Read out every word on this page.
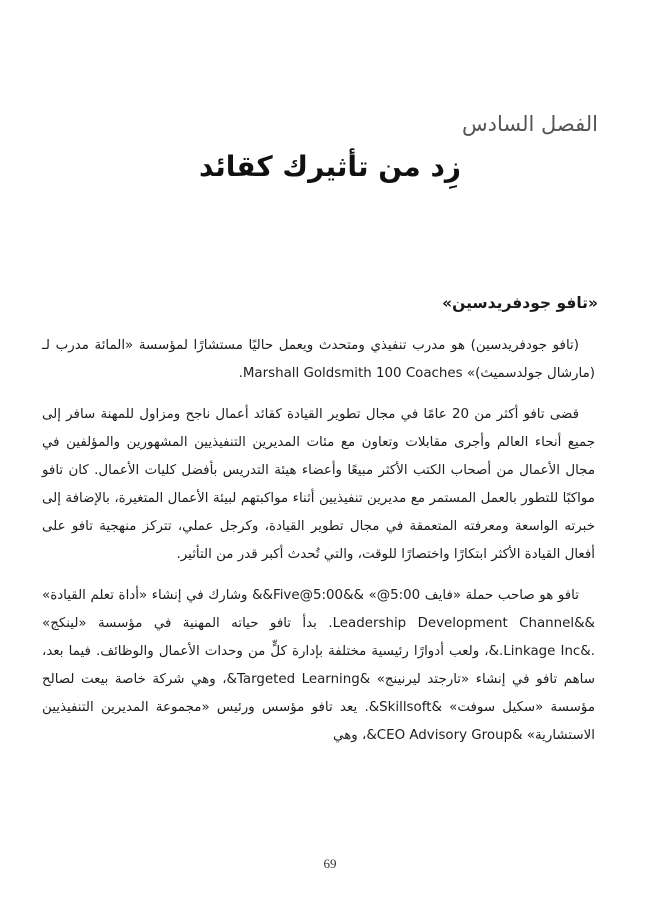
الفصل السادس
زِد من تأثيرك كقائد
«تافو جودفريدسين»

(تافو جودفريدسين) هو مدرب تنفيذي ومتحدث ويعمل حاليًا مستشارًا لمؤسسة «المائة مدرب لـ (مارشال جولدسميث)» Marshall Goldsmith 100 Coaches.

قضى تافو أكثر من 20 عامًا في مجال تطوير القيادة كقائد أعمال ناجح ومزاول للمهنة سافر إلى جميع أنحاء العالم وأجرى مقابلات وتعاون مع مئات المديرين التنفيذيين المشهورين والمؤلفين في مجال الأعمال من أصحاب الكتب الأكثر مبيعًا وأعضاء هيئة التدريس بأفضل كليات الأعمال. كان تافو مواكبًا للتطور بالعمل المستمر مع مديرين تنفيذيين أثناء مواكبتهم لبيئة الأعمال المتغيرة، بالإضافة إلى خبرته الواسعة ومعرفته المتعمقة في مجال تطوير القيادة، وكرجل عملي، تتركز منهجية تافو على أفعال القيادة الأكثر ابتكارًا واختصارًا للوقت، والتي تُحدث أكبر قدر من التأثير.

تافو هو صاحب حملة «فايف 5:00@» &&Five@5:00&& وشارك في إنشاء «أداة تعلم القيادة» &&Leadership Development Channel. بدأ تافو حياته المهنية في مؤسسة «لينكج» .&Linkage Inc.&، ولعب أدوارًا رئيسية مختلفة بإدارة كلٍّ من وحدات الأعمال والوظائف. فيما بعد، ساهم تافو في إنشاء «تارجتد ليرنينج» &Targeted Learning&، وهي شركة خاصة بيعت لصالح مؤسسة «سكيل سوفت» &Skillsoft&. يعد تافو مؤسس ورئيس «مجموعة المديرين التنفيذيين الاستشارية» &CEO Advisory Group&، وهي

69
